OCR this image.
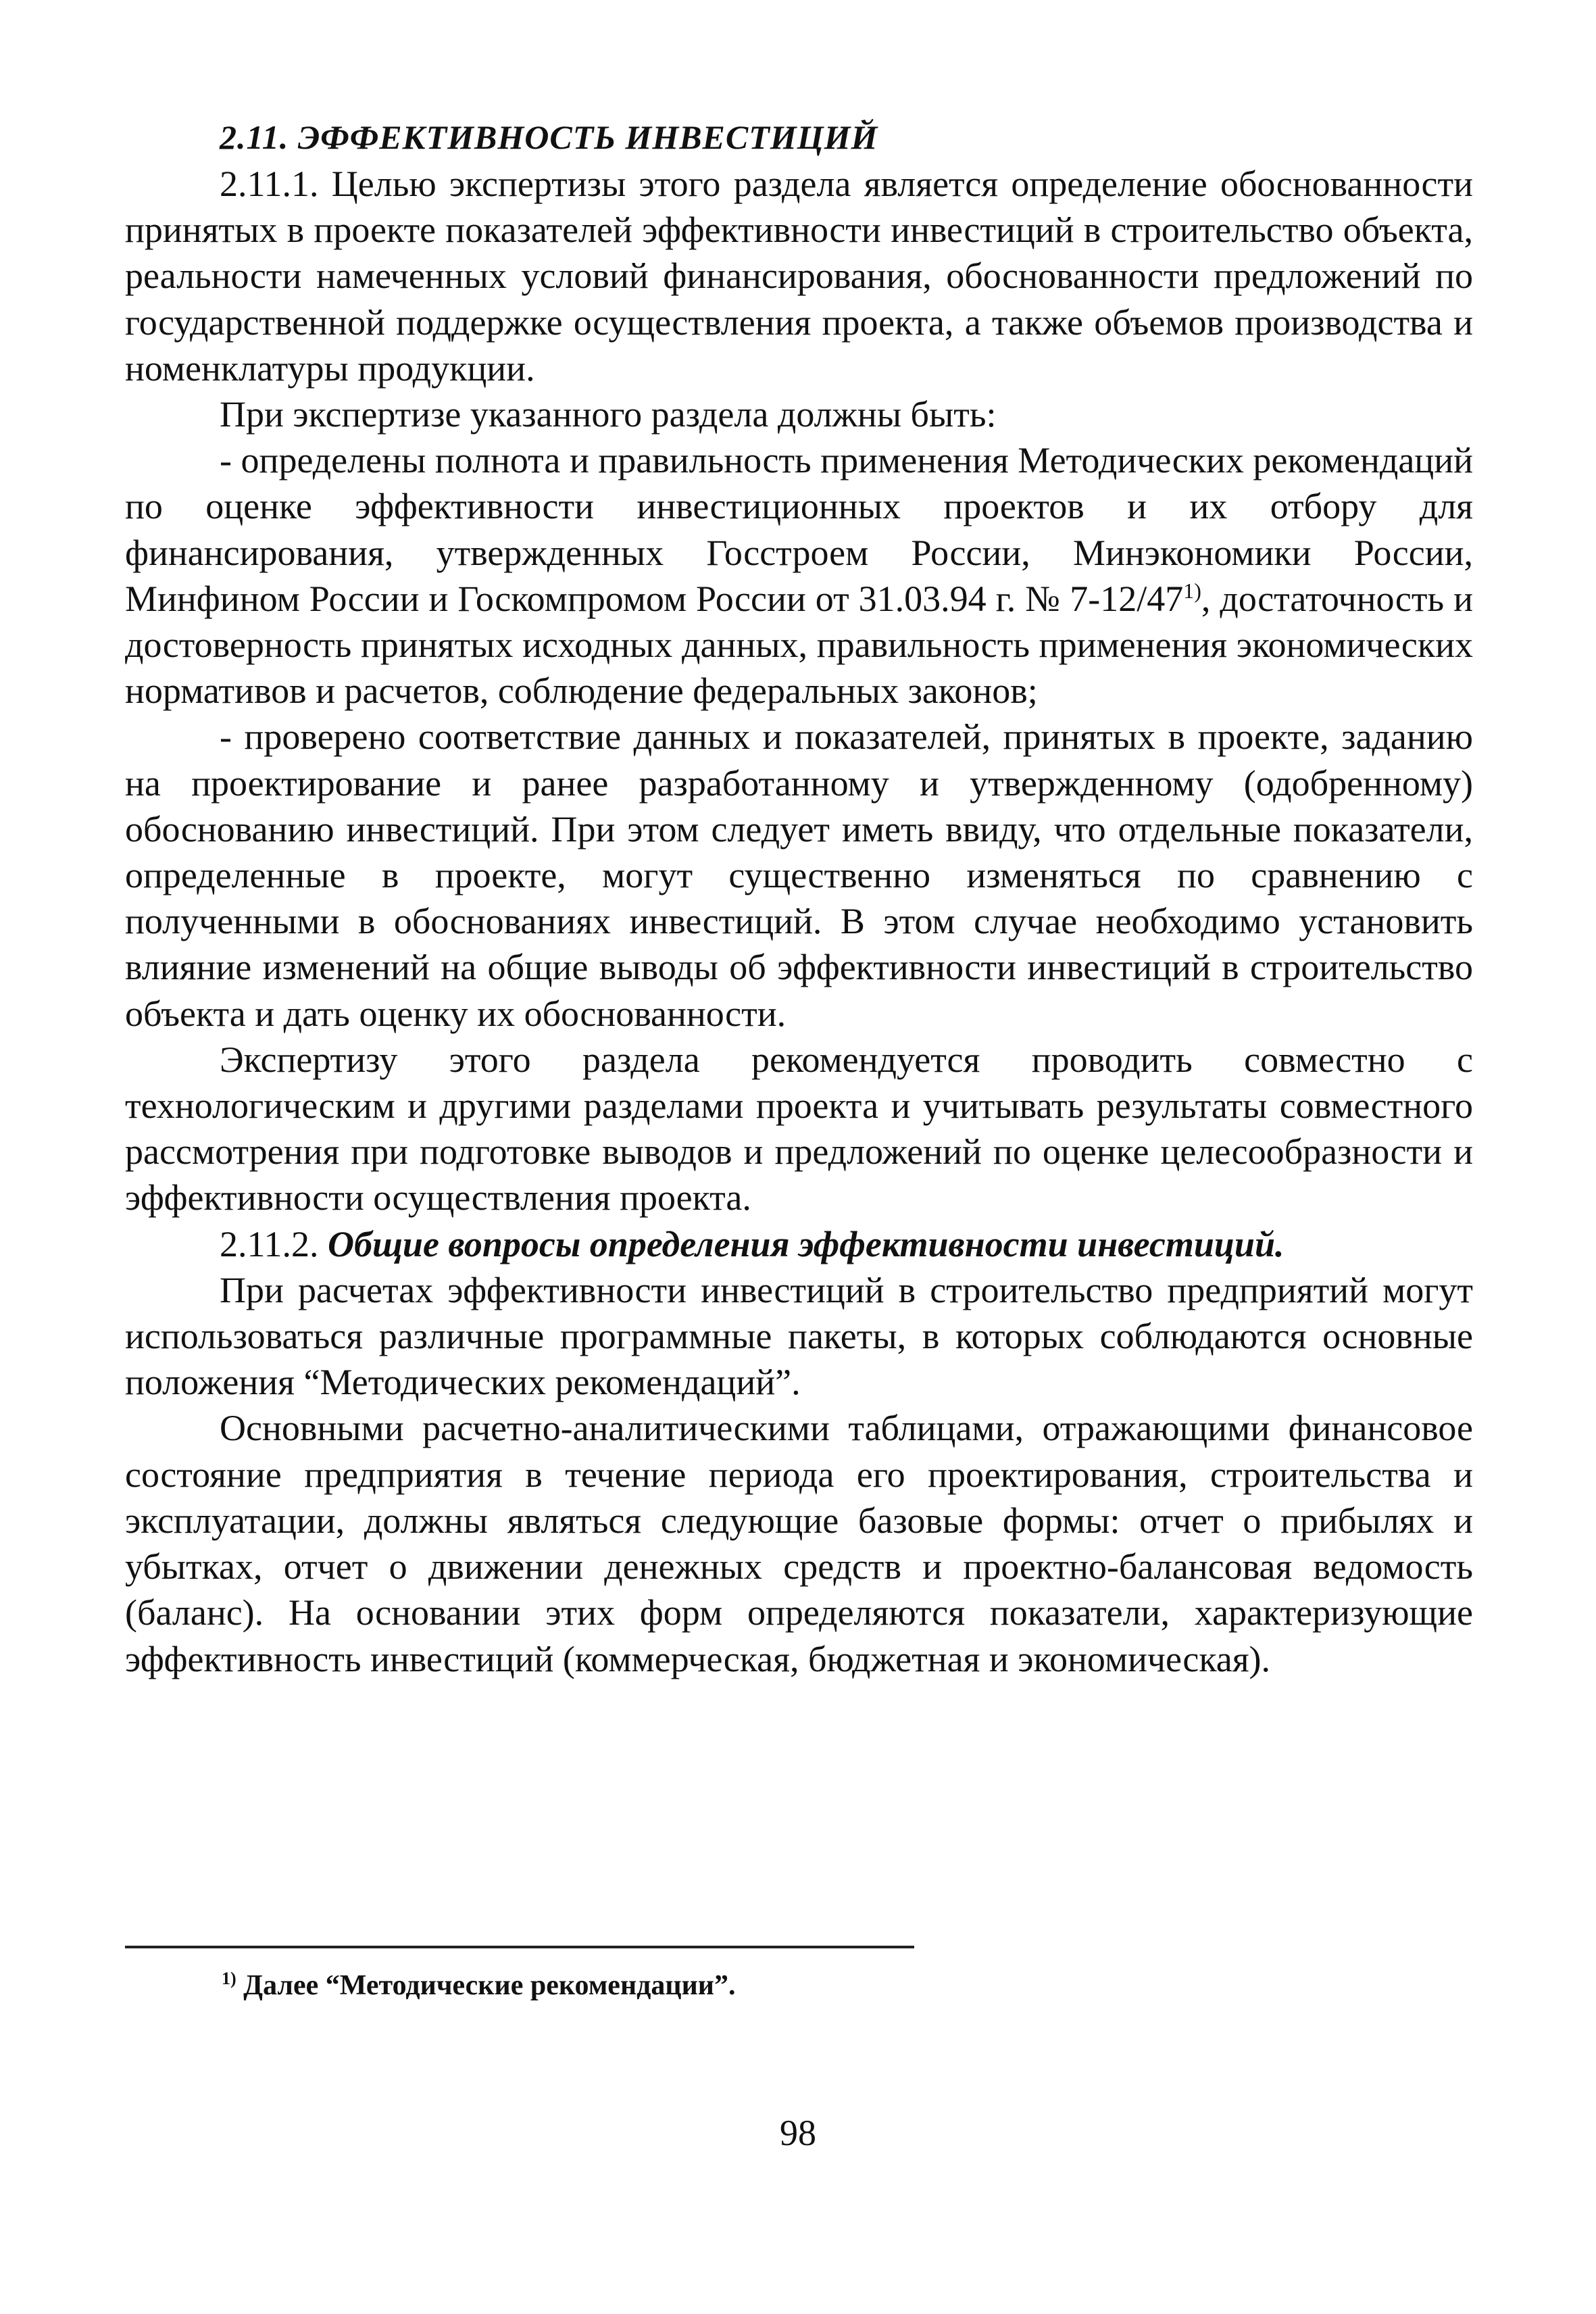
2.11. ЭФФЕКТИВНОСТЬ ИНВЕСТИЦИЙ

2.11.1. Целью экспертизы этого раздела является определение обоснованности принятых в проекте показателей эффективности инвестиций в строительство объекта, реальности намеченных условий финансирования, обоснованности предложений по государственной поддержке осуществления проекта, а также объемов производства и номенклатуры продукции.

При экспертизе указанного раздела должны быть:

- определены полнота и правильность применения Методических рекомендаций по оценке эффективности инвестиционных проектов и их отбору для финансирования, утвержденных Госстроем России, Минэкономики России, Минфином России и Госкомпромом России от 31.03.94 г. № 7-12/47$^{1)}$, достаточность и достоверность принятых исходных данных, правильность применения экономических нормативов и расчетов, соблюдение федеральных законов;

- проверено соответствие данных и показателей, принятых в проекте, заданию на проектирование и ранее разработанному и утвержденному (одобренному) обоснованию инвестиций. При этом следует иметь ввиду, что отдельные показатели, определенные в проекте, могут существенно изменяться по сравнению с полученными в обоснованиях инвестиций. В этом случае необходимо установить влияние изменений на общие выводы об эффективности инвестиций в строительство объекта и дать оценку их обоснованности.

Экспертизу этого раздела рекомендуется проводить совместно с технологическим и другими разделами проекта и учитывать результаты совместного рассмотрения при подготовке выводов и предложений по оценке целесообразности и эффективности осуществления проекта.

2.11.2. Общие вопросы определения эффективности инвестиций.

При расчетах эффективности инвестиций в строительство предприятий могут использоваться различные программные пакеты, в которых соблюдаются основные положения “Методических рекомендаций”.

Основными расчетно-аналитическими таблицами, отражающими финансовое состояние предприятия в течение периода его проектирования, строительства и эксплуатации, должны являться следующие базовые формы: отчет о прибылях и убытках, отчет о движении денежных средств и проектно-балансовая ведомость (баланс). На основании этих форм определяются показатели, характеризующие эффективность инвестиций (коммерческая, бюджетная и экономическая).

$^{1)}$ Далее “Методические рекомендации”.
98
